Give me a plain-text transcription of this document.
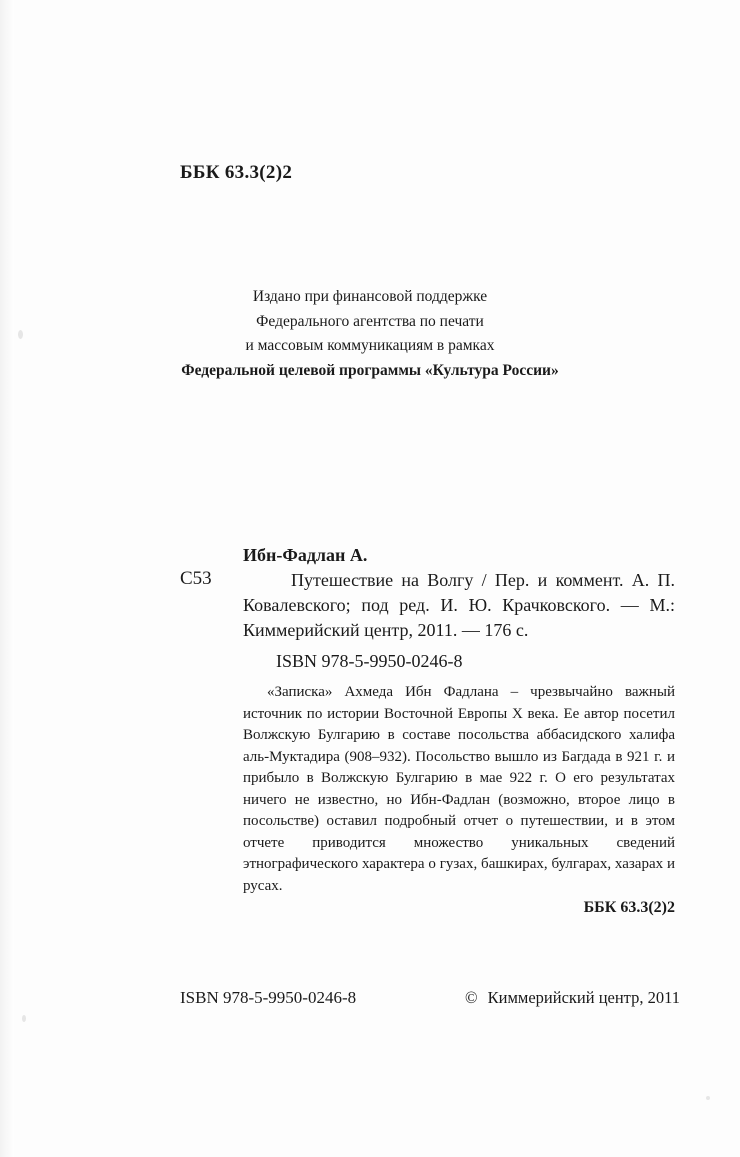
ББК 63.3(2)2
Издано при финансовой поддержке
Федерального агентства по печати
и массовым коммуникациям в рамках
Федеральной целевой программы «Культура России»
Ибн-Фадлан А.
С53	Путешествие на Волгу / Пер. и коммент. А. П. Ковалевского; под ред. И. Ю. Крачковского. — М.: Киммерийский центр, 2011. — 176 с.
ISBN 978-5-9950-0246-8
«Записка» Ахмеда Ибн Фадлана – чрезвычайно важный источник по истории Восточной Европы X века. Ее автор посетил Волжскую Булгарию в составе посольства аббасидского халифа аль-Муктадира (908–932). Посольство вышло из Багдада в 921 г. и прибыло в Волжскую Булгарию в мае 922 г. О его результатах ничего не известно, но Ибн-Фадлан (возможно, второе лицо в посольстве) оставил подробный отчет о путешествии, и в этом отчете приводится множество уникальных сведений этнографического характера о гузах, башкирах, булгарах, хазарах и русах.
ББК 63.3(2)2
ISBN 978-5-9950-0246-8	© Киммерийский центр, 2011
